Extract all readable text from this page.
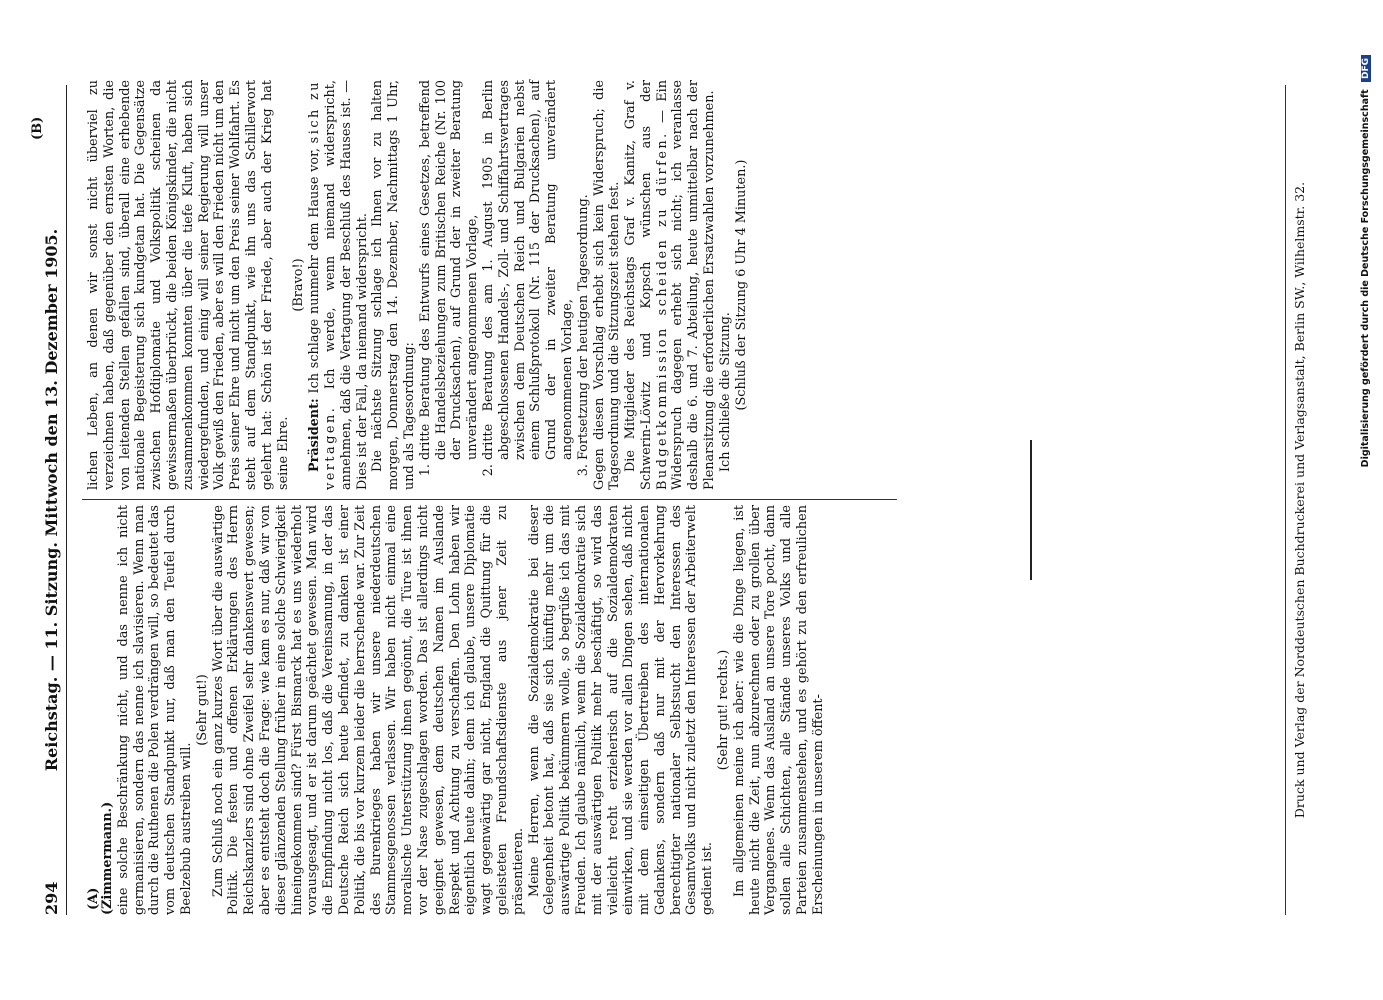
294
Reichstag. — 11. Sitzung. Mittwoch den 13. Dezember 1905.
(A)
(B)

(Zimmermann.) eine solche Beschränkung nicht, und das nenne ich nicht germanisieren, sondern das nenne ich slavisieren. Wenn man durch die Ruthenen die Polen verdrängen will, so bedeutet das vom deutschen Standpunkt nur, daß man den Teufel durch Beelzebub austreiben will.

(Sehr gut!) Zum Schluß noch ein ganz kurzes Wort über die auswärtige Politik. Die festen und offenen Erklärungen des Herrn Reichskanzlers sind ohne Zweifel sehr dankenswert gewesen; aber es entsteht doch die Frage: wie kam es nur, daß wir von dieser glänzenden Stellung früher in eine solche Schwierigkeit hineingekommen sind? Fürst Bismarck hat es uns wiederholt vorausgesagt, und er ist darum geächtet gewesen. Man wird die Empfindung nicht los, daß die Vereinsamung, in der das Deutsche Reich sich heute befindet, zu danken ist einer Politik, die bis vor kurzem leider die herrschende war. Zur Zeit des Burenkrieges haben wir unsere niederdeutschen Stammesgenossen verlassen. Wir haben nicht einmal eine moralische Unterstützung ihnen gegönnt, die Türe ist ihnen vor der Nase zugeschlagen worden. Das ist allerdings nicht geeignet gewesen, dem deutschen Namen im Auslande Respekt und Achtung zu verschaffen. Den Lohn haben wir eigentlich heute dahin; denn ich glaube, unsere Diplomatie wagt gegenwärtig gar nicht, England die Quittung für die geleisteten Freundschaftsdienste aus jener Zeit zu präsentieren. Meine Herren, wenn die Sozialdemokratie bei dieser Gelegenheit betont hat, daß sie sich künftig mehr um die auswärtige Politik bekümmern wolle, so begrüße ich das mit Freuden. Ich glaube nämlich, wenn die Sozialdemokratie sich mit der auswärtigen Politik mehr beschäftigt, so wird das vielleicht recht erzieherisch auf die Sozialdemokraten einwirken, und sie werden vor allen Dingen sehen, daß nicht mit dem einseitigen Übertreiben des internationalen Gedankens, sondern daß nur mit der Hervorkehrung berechtigter nationaler Selbstsucht den Interessen des Gesamtvolks und nicht zuletzt den Interessen der Arbeiterwelt gedient ist.

(Sehr gut! rechts.) Im allgemeinen meine ich aber: wie die Dinge liegen, ist heute nicht die Zeit, nun abzurechnen oder zu grollen über Vergangenes. Wenn das Ausland an unsere Tore pocht, dann sollen alle Schichten, alle Stände unseres Volks und alle Parteien zusammenstehen, und es gehört zu den erfreulichen Erscheinungen in unserem öffent-

lichen Leben, an denen wir sonst nicht überviel zu verzeichnen haben, daß gegenüber den ernsten Worten, die von leitenden Stellen gefallen sind, überall eine erhebende nationale Begeisterung sich kundgetan hat. Die Gegensätze zwischen Hofdiplomatie und Volkspolitik scheinen da gewissermaßen überbrückt, die beiden Königskinder, die nicht zusammenkommen konnten über die tiefe Kluft, haben sich wiedergefunden, und einig will seiner Regierung will unser Volk gewiß den Frieden, aber es will den Frieden nicht um den Preis seiner Ehre und nicht um den Preis seiner Wohlfahrt. Es steht auf dem Standpunkt, wie ihn uns das Schillerwort gelehrt hat: Schön ist der Friede, aber auch der Krieg hat seine Ehre.

(Bravo!)

Präsident: Ich schlage nunmehr dem Hause vor, sich zu vertagen. Ich werde, wenn niemand widerspricht, annehmen, daß die Vertagung der Beschluß des Hauses ist. — Dies ist der Fall, da niemand widerspricht. Die nächste Sitzung schlage ich Ihnen vor zu halten morgen, Donnerstag den 14. Dezember, Nachmittags 1 Uhr, und als Tagesordnung: 1. dritte Beratung des Entwurfs eines Gesetzes, betreffend die Handelsbeziehungen zum Britischen Reiche (Nr. 100 der Drucksachen), auf Grund der in zweiter Beratung unverändert angenommenen Vorlage, 2. dritte Beratung des am 1. August 1905 in Berlin abgeschlossenen Handels-, Zoll- und Schiffahrtsvertrages zwischen dem Deutschen Reich und Bulgarien nebst einem Schlußprotokoll (Nr. 115 der Drucksachen), auf Grund der in zweiter Beratung unverändert angenommenen Vorlage, 3. Fortsetzung der heutigen Tagesordnung. Gegen diesen Vorschlag erhebt sich kein Widerspruch; die Tagesordnung und die Sitzungszeit stehen fest. Die Mitglieder des Reichstags Graf v. Kanitz, Graf v. Schwerin-Löwitz und Kopsch wünschen aus der Budgetkommission scheiden zu dürfen. — Ein Widerspruch dagegen erhebt sich nicht; ich veranlasse deshalb die 6. und 7. Abteilung, heute unmittelbar nach der Plenarsitzung die erforderlichen Ersatzwahlen vorzunehmen. Ich schließe die Sitzung. (Schluß der Sitzung 6 Uhr 4 Minuten.)	Druck und Verlag der Norddeutschen Buchdruckerei und Verlagsanstalt, Berlin SW., Wilhelmstr. 32.	Digitalisierung gefördert durch die Deutsche Forschungsgemeinschaft DFG
